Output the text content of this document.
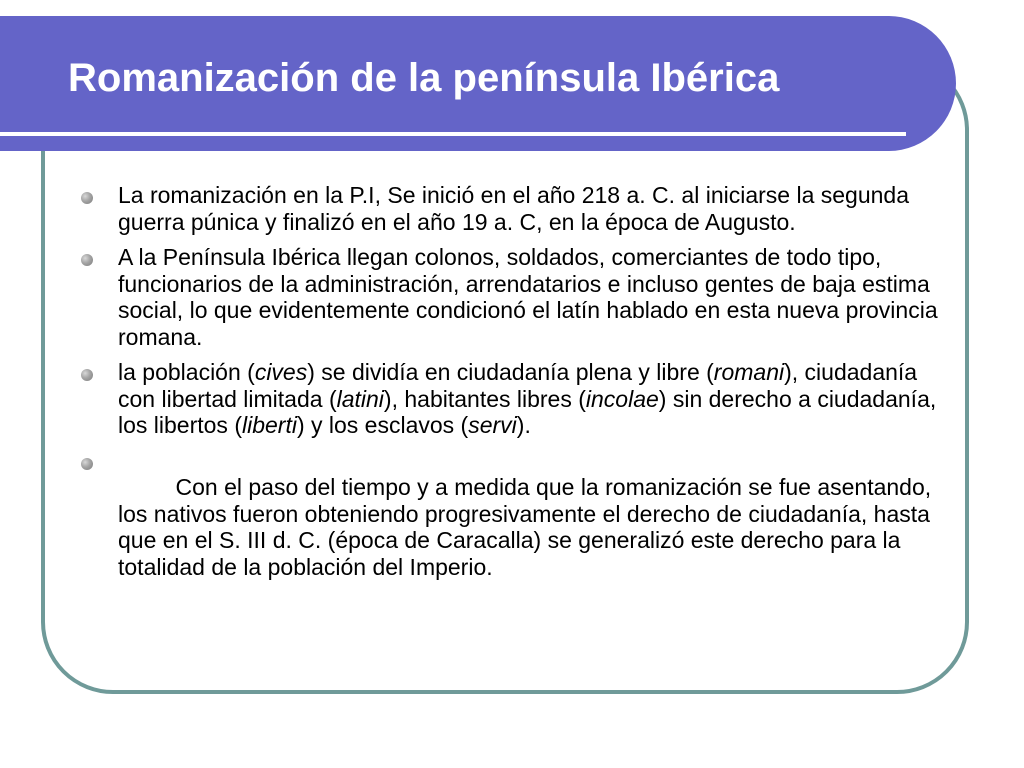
Romanización de la península Ibérica
La romanización en la P.I, Se inició en el año 218 a. C. al iniciarse la segunda guerra púnica y finalizó en el año 19 a. C, en la época de Augusto.
A la Península Ibérica llegan colonos, soldados, comerciantes de todo tipo, funcionarios de la administración, arrendatarios e incluso gentes de baja estima social, lo que evidentemente condicionó el latín hablado en esta nueva provincia romana.
la población (cives) se dividía en ciudadanía plena y libre (romani), ciudadanía con libertad limitada (latini), habitantes libres (incolae) sin derecho a ciudadanía, los libertos (liberti) y los esclavos (servi).

Con el paso del tiempo y a medida que la romanización se fue asentando, los nativos fueron obteniendo progresivamente el derecho de ciudadanía, hasta que en el S. III d. C. (época de Caracalla) se generalizó este derecho para la totalidad de la población del Imperio.
